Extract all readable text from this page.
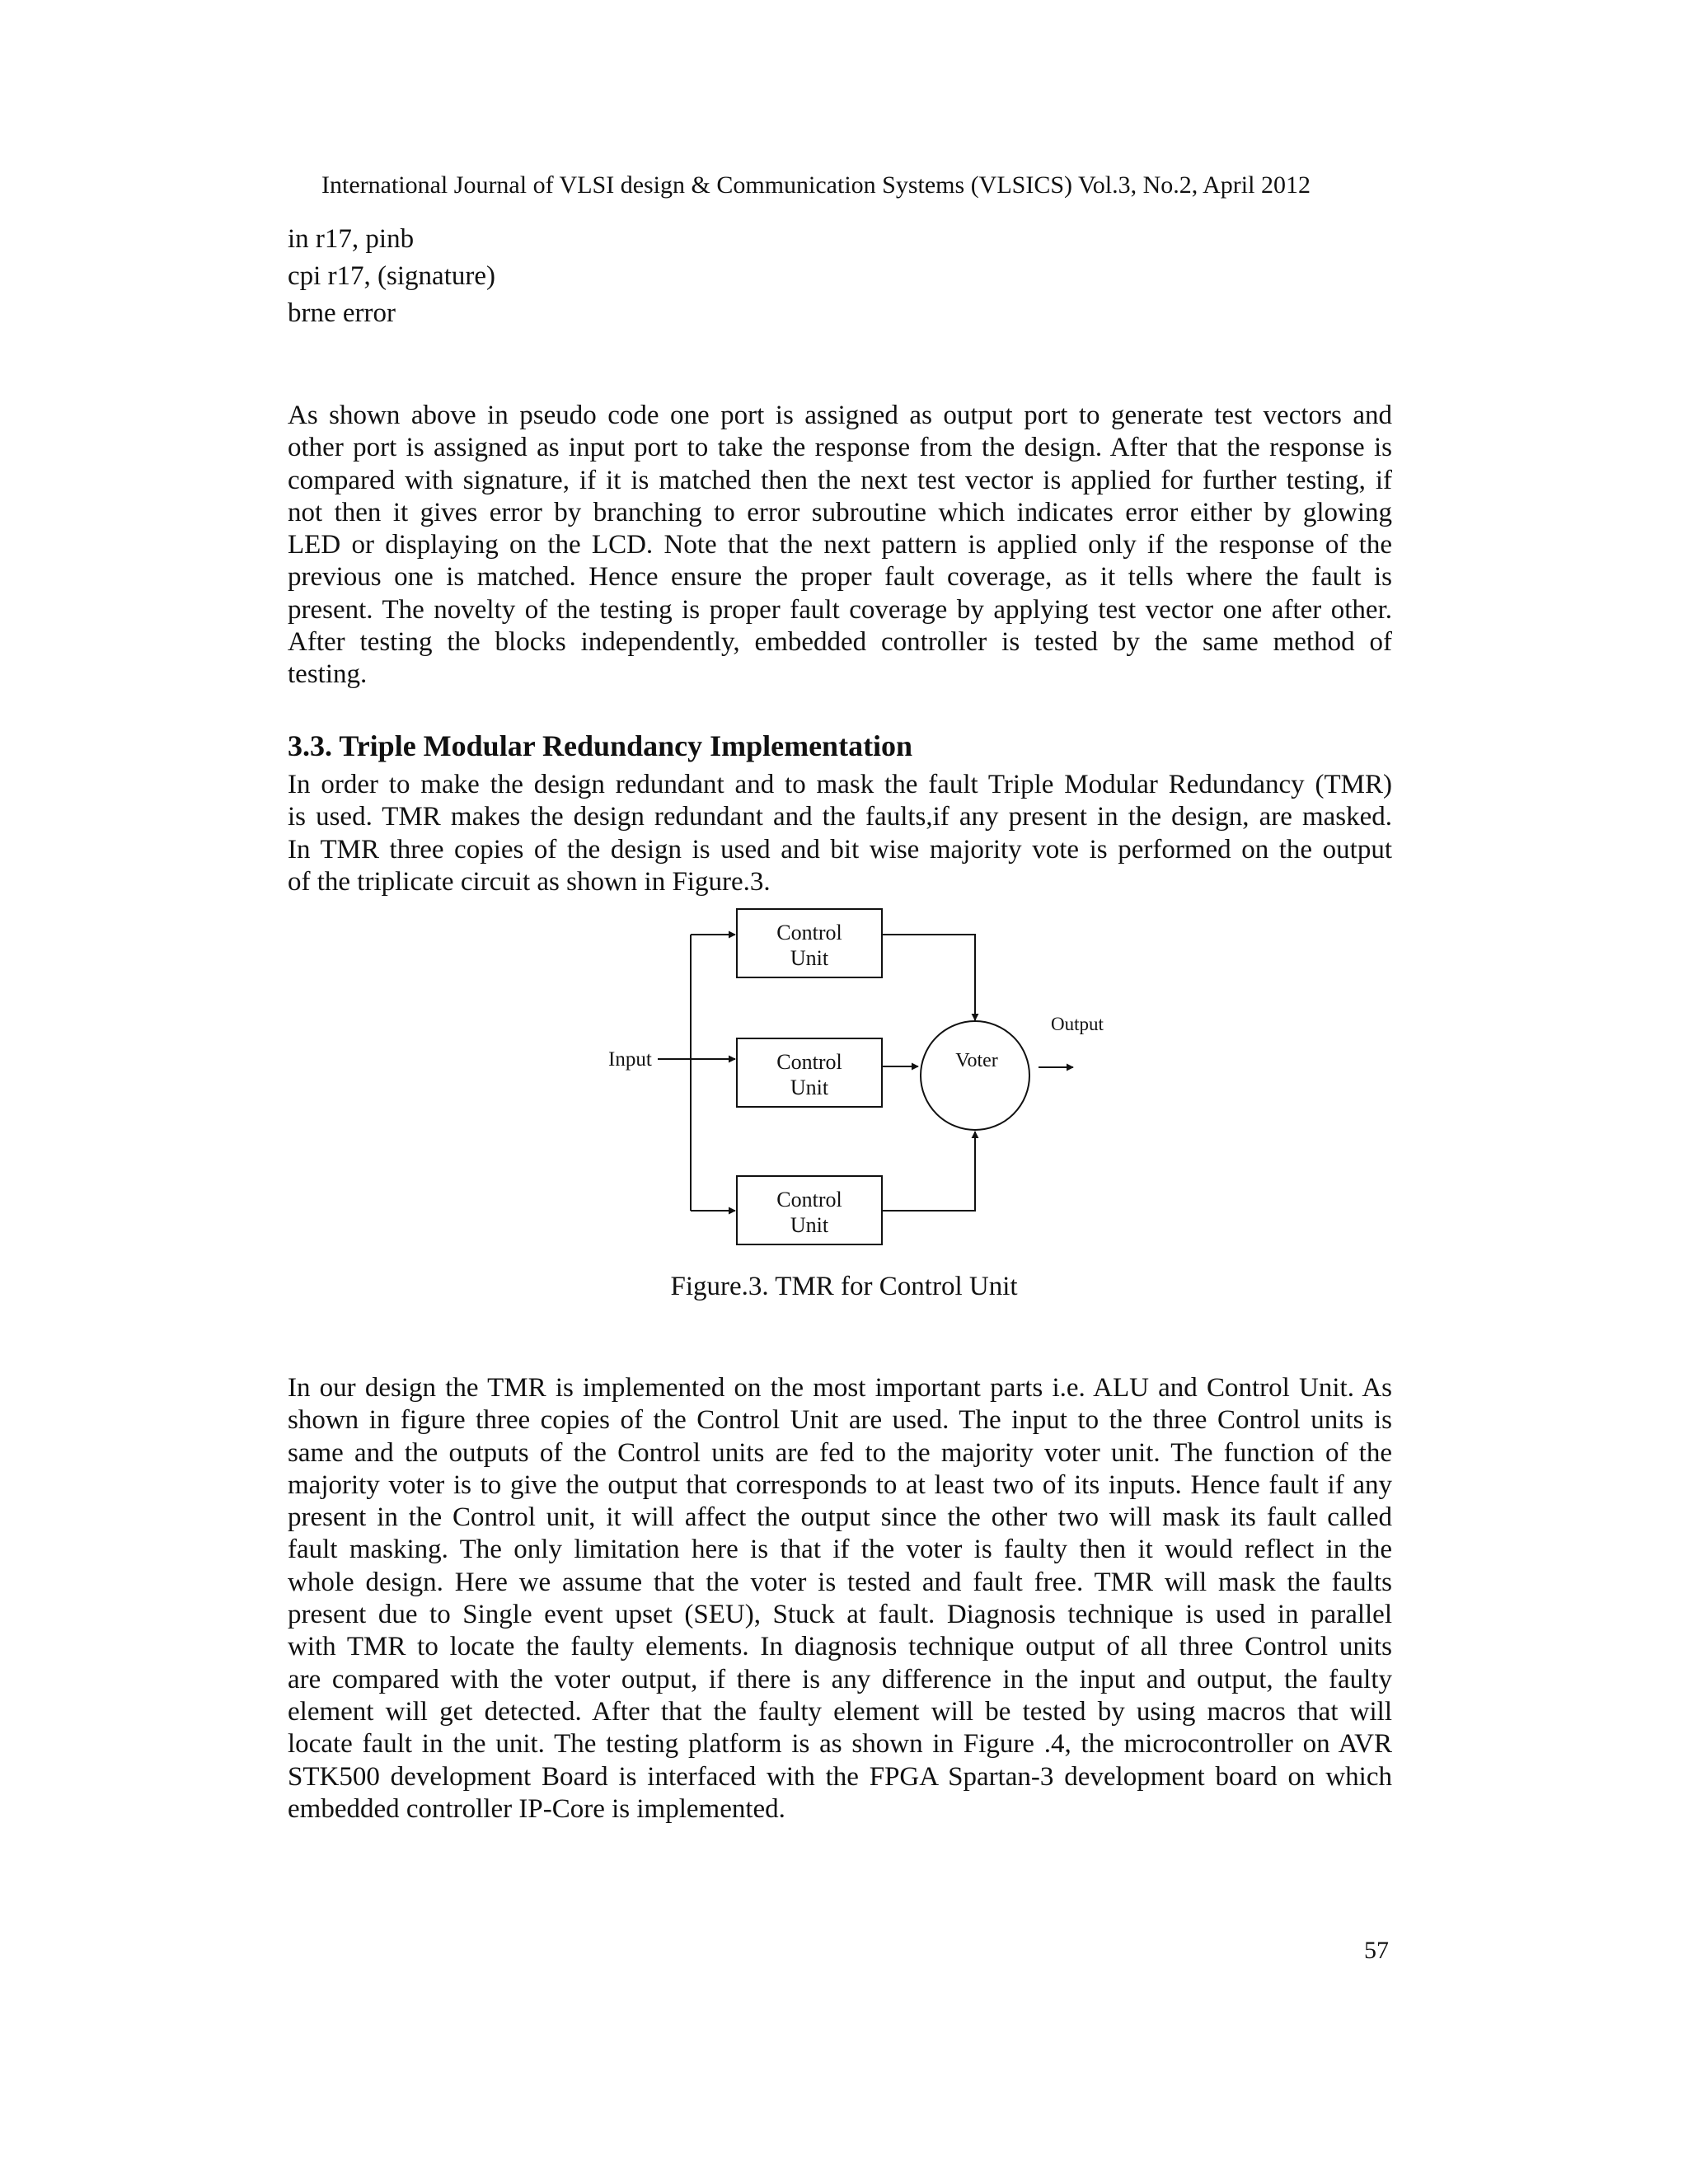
International Journal of VLSI design & Communication Systems (VLSICS) Vol.3, No.2, April 2012
in r17, pinb
cpi r17, (signature)
brne error
As shown above in pseudo code one port is assigned as output port to generate test vectors and
other port is assigned as input port to take the response from the design. After that the response is
compared with signature, if it is matched then the next test vector is applied for further testing, if
not then it gives error by branching to error subroutine which indicates error either by glowing
LED or displaying on the LCD. Note that the next pattern is applied only if the response of the
previous one is matched. Hence ensure the proper fault coverage, as it tells where the fault is
present. The novelty of the testing is proper fault coverage by applying test vector one after other.
After testing the blocks independently, embedded controller is tested by the same method of
testing.
3.3. Triple Modular Redundancy Implementation
In order to make the design redundant and to mask the fault Triple Modular Redundancy (TMR)
is used. TMR makes the design redundant and the faults,if any present in the design, are masked.
In TMR three copies of the design is used and bit wise majority vote is performed on the output
of the triplicate circuit as shown in Figure.3.
Input
Control
Unit
Control
Unit
Control
Unit
Voter
Output
Figure.3. TMR for Control Unit
In our design the TMR is implemented on the most important parts i.e. ALU and Control Unit. As
shown in figure three copies of the Control Unit are used. The input to the three Control units is
same and the outputs of the Control units are fed to the majority voter unit. The function of the
majority voter is to give the output that corresponds to at least two of its inputs. Hence fault if any
present in the Control unit, it will affect the output since the other two will mask its fault called
fault masking. The only limitation here is that if the voter is faulty then it would reflect in the
whole design. Here we assume that the voter is tested and fault free. TMR will mask the faults
present due to Single event upset (SEU), Stuck at fault. Diagnosis technique is used in parallel
with TMR to locate the faulty elements. In diagnosis technique output of all three Control units
are compared with the voter output, if there is any difference in the input and output, the faulty
element will get detected. After that the faulty element will be tested by using macros that will
locate fault in the unit. The testing platform is as shown in Figure .4, the microcontroller on AVR
STK500 development Board is interfaced with the FPGA Spartan-3 development board on which
embedded controller IP-Core is implemented.
57
